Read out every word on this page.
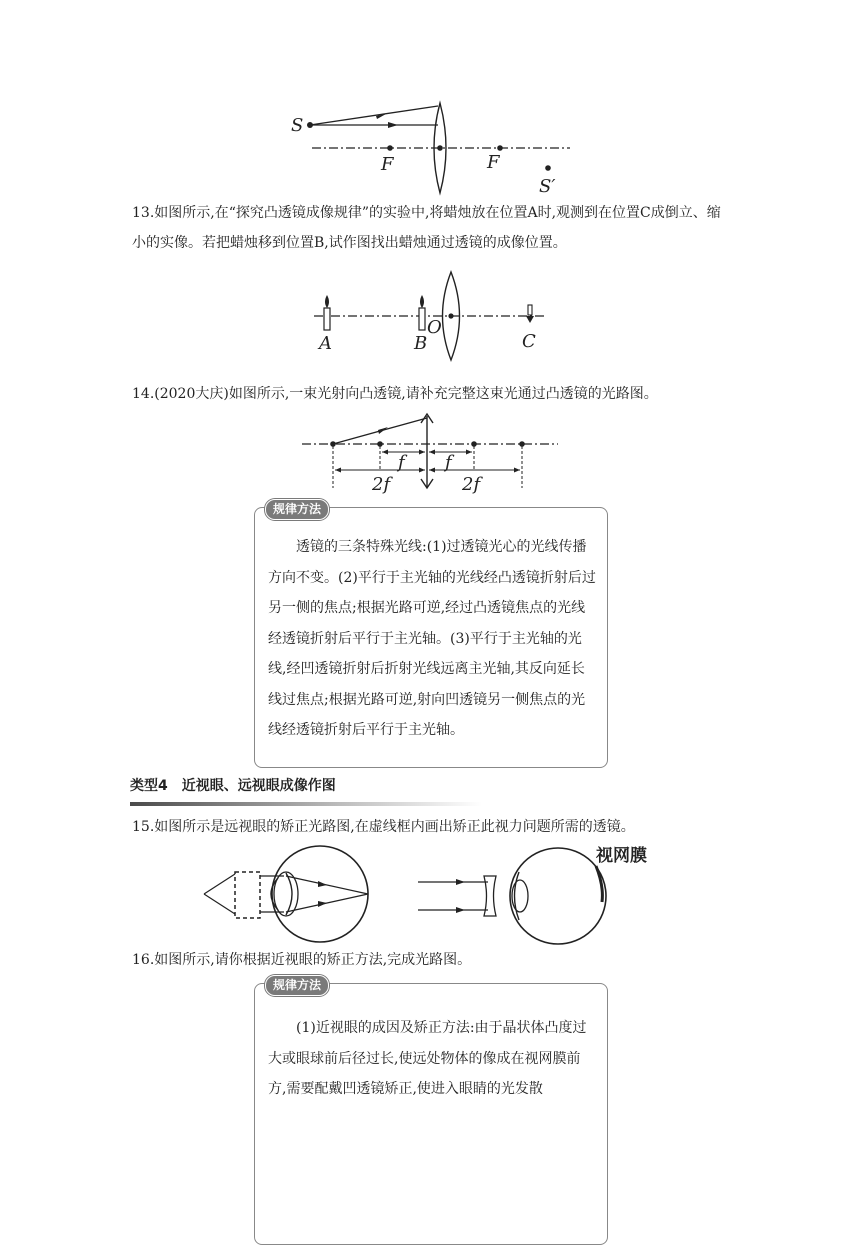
S
F	F
S′
13.如图所示,在“探究凸透镜成像规律”的实验中,将蜡烛放在位置A时,观测到在位置C成倒立、缩小的实像。若把蜡烛移到位置B,试作图找出蜡烛通过透镜的成像位置。
A	B
O
C
14.(2020大庆)如图所示,一束光射向凸透镜,请补充完整这束光通过凸透镜的光路图。
f f
2f	2f
规律方法

透镜的三条特殊光线:(1)过透镜光心的光线传播方向不变。(2)平行于主光轴的光线经凸透镜折射后过另一侧的焦点;根据光路可逆,经过凸透镜焦点的光线经透镜折射后平行于主光轴。(3)平行于主光轴的光线,经凹透镜折射后折射光线远离主光轴,其反向延长线过焦点;根据光路可逆,射向凹透镜另一侧焦点的光线经透镜折射后平行于主光轴。

类型4　近视眼、远视眼成像作图
15.如图所示是远视眼的矫正光路图,在虚线框内画出矫正此视力问题所需的透镜。
视网膜
16.如图所示,请你根据近视眼的矫正方法,完成光路图。
规律方法

(1)近视眼的成因及矫正方法:由于晶状体凸度过大或眼球前后径过长,使远处物体的像成在视网膜前方,需要配戴凹透镜矫正,使进入眼睛的光发散
